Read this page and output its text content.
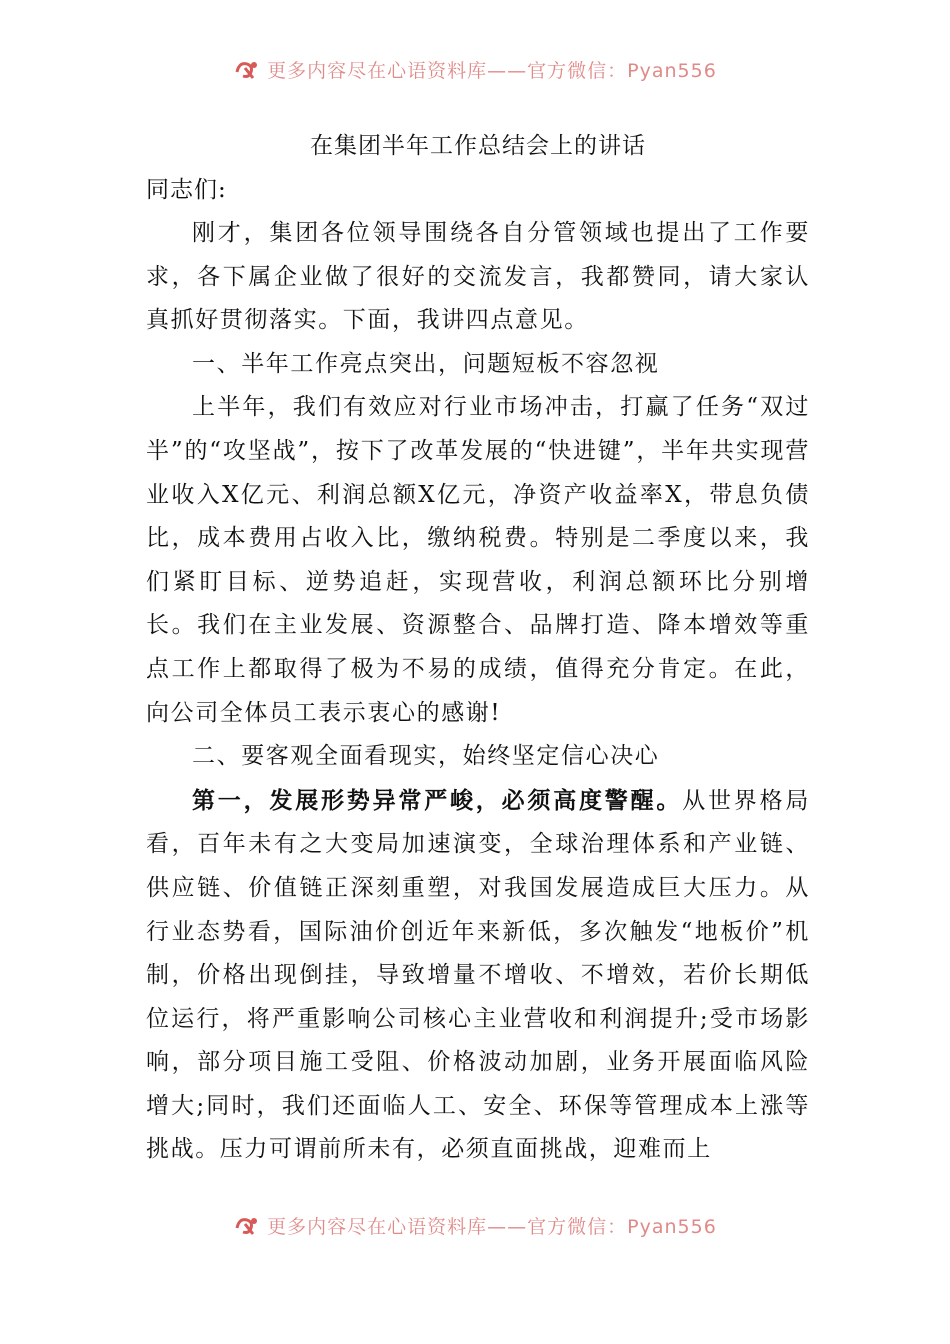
更多内容尽在心语资料库——官方微信：Pyan556

在集团半年工作总结会上的讲话

同志们:

刚才，集团各位领导围绕各自分管领域也提出了工作要求，各下属企业做了很好的交流发言，我都赞同，请大家认真抓好贯彻落实。下面，我讲四点意见。

一、半年工作亮点突出，问题短板不容忽视

上半年，我们有效应对行业市场冲击，打赢了任务“双过半”的“攻坚战”，按下了改革发展的“快进键”，半年共实现营业收入X亿元、利润总额X亿元，净资产收益率X，带息负债比，成本费用占收入比，缴纳税费。特别是二季度以来，我们紧盯目标、逆势追赶，实现营收，利润总额环比分别增长。我们在主业发展、资源整合、品牌打造、降本增效等重点工作上都取得了极为不易的成绩，值得充分肯定。在此，向公司全体员工表示衷心的感谢!

二、要客观全面看现实，始终坚定信心决心

第一，发展形势异常严峻，必须高度警醒。从世界格局看，百年未有之大变局加速演变，全球治理体系和产业链、供应链、价值链正深刻重塑，对我国发展造成巨大压力。从行业态势看，国际油价创近年来新低，多次触发“地板价”机制，价格出现倒挂，导致增量不增收、不增效，若价长期低位运行，将严重影响公司核心主业营收和利润提升;受市场影响，部分项目施工受阻、价格波动加剧，业务开展面临风险增大;同时，我们还面临人工、安全、环保等管理成本上涨等挑战。压力可谓前所未有，必须直面挑战，迎难而上

更多内容尽在心语资料库——官方微信：Pyan556
